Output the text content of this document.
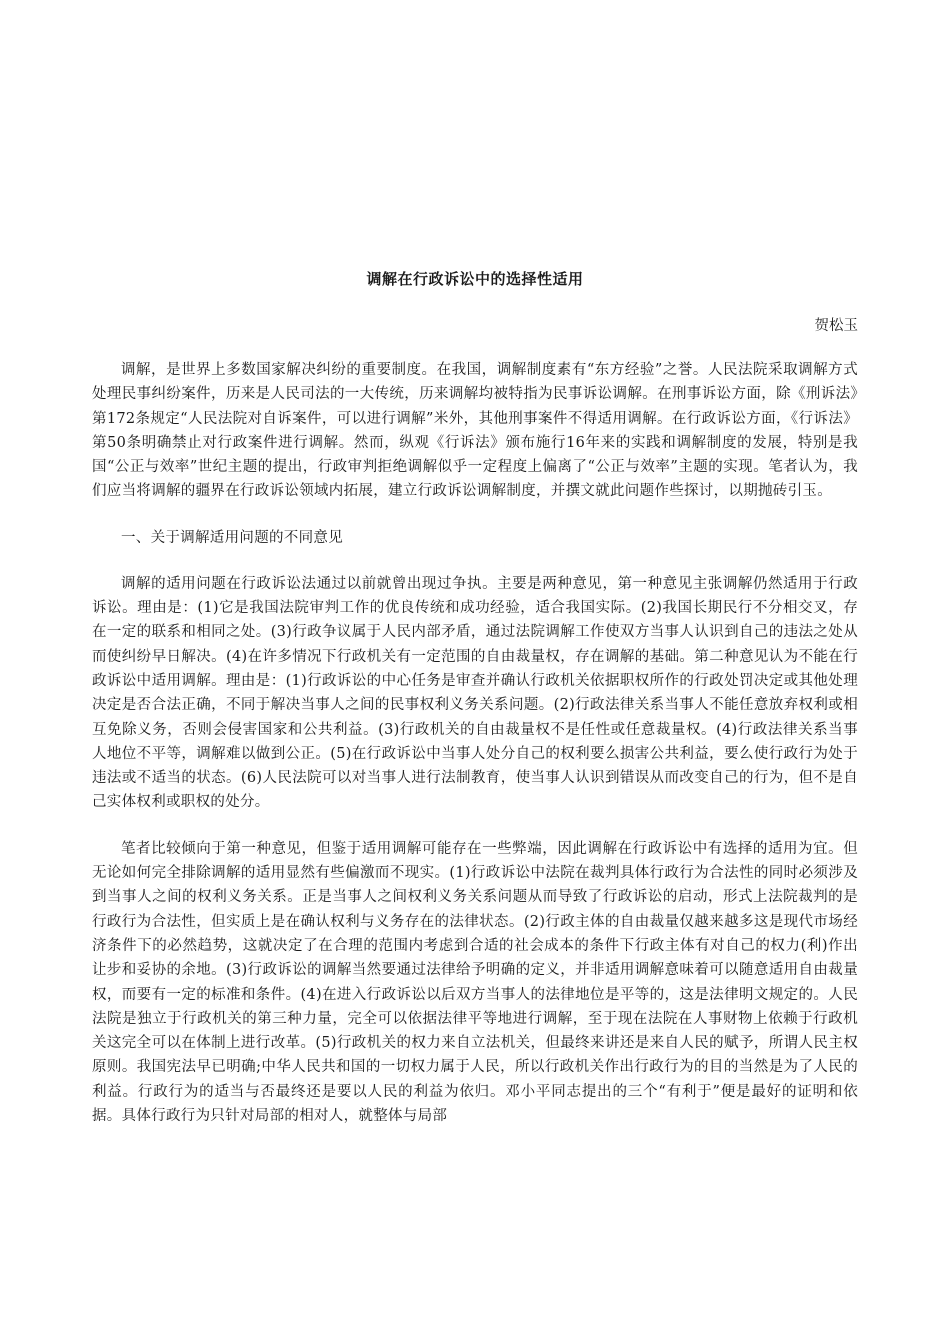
调解在行政诉讼中的选择性适用
贺松玉

调解，是世界上多数国家解决纠纷的重要制度。在我国，调解制度素有“东方经验”之誉。人民法院采取调解方式处理民事纠纷案件，历来是人民司法的一大传统，历来调解均被特指为民事诉讼调解。在刑事诉讼方面，除《刑诉法》第172条规定“人民法院对自诉案件，可以进行调解”米外，其他刑事案件不得适用调解。在行政诉讼方面，《行诉法》第50条明确禁止对行政案件进行调解。然而，纵观《行诉法》颁布施行16年来的实践和调解制度的发展，特别是我国“公正与效率”世纪主题的提出，行政审判拒绝调解似乎一定程度上偏离了“公正与效率”主题的实现。笔者认为，我们应当将调解的疆界在行政诉讼领域内拓展，建立行政诉讼调解制度，并撰文就此问题作些探讨，以期抛砖引玉。

一、关于调解适用问题的不同意见

调解的适用问题在行政诉讼法通过以前就曾出现过争执。主要是两种意见，第一种意见主张调解仍然适用于行政诉讼。理由是：(1)它是我国法院审判工作的优良传统和成功经验，适合我国实际。(2)我国长期民行不分相交叉，存在一定的联系和相同之处。(3)行政争议属于人民内部矛盾，通过法院调解工作使双方当事人认识到自己的违法之处从而使纠纷早日解决。(4)在许多情况下行政机关有一定范围的自由裁量权，存在调解的基础。第二种意见认为不能在行政诉讼中适用调解。理由是：(1)行政诉讼的中心任务是审查并确认行政机关依据职权所作的行政处罚决定或其他处理决定是否合法正确，不同于解决当事人之间的民事权利义务关系问题。(2)行政法律关系当事人不能任意放弃权利或相互免除义务，否则会侵害国家和公共利益。(3)行政机关的自由裁量权不是任性或任意裁量权。(4)行政法律关系当事人地位不平等，调解难以做到公正。(5)在行政诉讼中当事人处分自己的权利要么损害公共利益，要么使行政行为处于违法或不适当的状态。(6)人民法院可以对当事人进行法制教育，使当事人认识到错误从而改变自己的行为，但不是自己实体权利或职权的处分。

笔者比较倾向于第一种意见，但鉴于适用调解可能存在一些弊端，因此调解在行政诉讼中有选择的适用为宜。但无论如何完全排除调解的适用显然有些偏激而不现实。(1)行政诉讼中法院在裁判具体行政行为合法性的同时必须涉及到当事人之间的权利义务关系。正是当事人之间权利义务关系问题从而导致了行政诉讼的启动，形式上法院裁判的是行政行为合法性，但实质上是在确认权利与义务存在的法律状态。(2)行政主体的自由裁量仅越来越多这是现代市场经济条件下的必然趋势，这就决定了在合理的范围内考虑到合适的社会成本的条件下行政主体有对自己的权力(利)作出让步和妥协的余地。(3)行政诉讼的调解当然要通过法律给予明确的定义，并非适用调解意味着可以随意适用自由裁量权，而要有一定的标准和条件。(4)在进入行政诉讼以后双方当事人的法律地位是平等的，这是法律明文规定的。人民法院是独立于行政机关的第三种力量，完全可以依据法律平等地进行调解，至于现在法院在人事财物上依赖于行政机关这完全可以在体制上进行改革。(5)行政机关的权力来自立法机关，但最终来讲还是来自人民的赋予，所谓人民主权原则。我国宪法早已明确;中华人民共和国的一切权力属于人民，所以行政机关作出行政行为的目的当然是为了人民的利益。行政行为的适当与否最终还是要以人民的利益为依归。邓小平同志提出的三个“有利于”便是最好的证明和依据。具体行政行为只针对局部的相对人，就整体与局部
